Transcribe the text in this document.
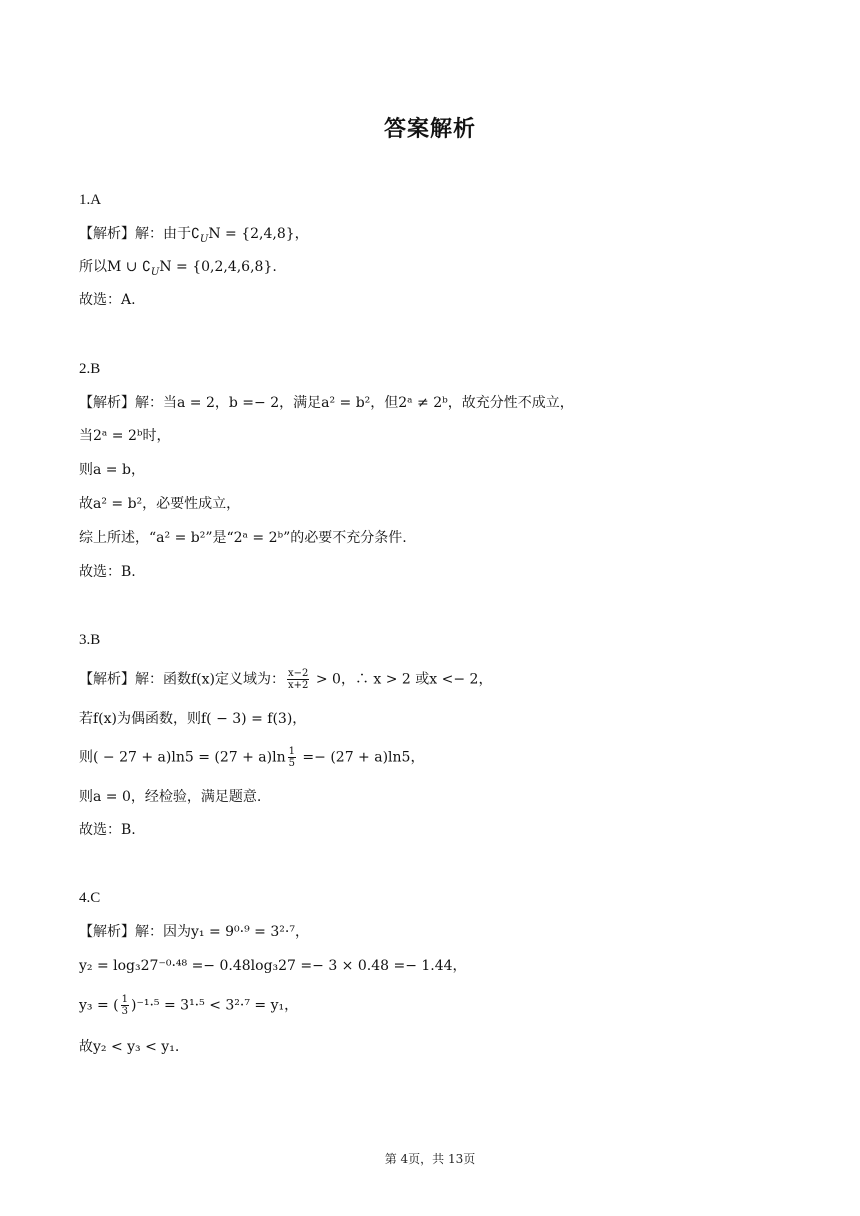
答案解析
1.A
【解析】解：由于$∁_UN = \{2,4,8\}$，
所以M ∪ $∁_UN = \{0,2,4,6,8\}$.
故选：A.
2.B
【解析】解：当a = 2，b =− 2，满足a² = b²，但2ᵃ ≠ 2ᵇ，故充分性不成立，
当2ᵃ = 2ᵇ时，
则a = b，
故a² = b²，必要性成立，
综上所述，“a² = b²”是“2ᵃ = 2ᵇ”的必要不充分条件.
故选：B.
3.B
【解析】解：函数f(x)定义域为： $\frac{x-2}{x+2} > 0$，∴ x > 2 或x <− 2，
若f(x)为偶函数，则f( − 3) = f(3)，
则( − $27 + a)\ln 5 = (27 + a)\ln \frac{1}{5} =- (27 + a)\ln 5$，
则a = 0，经检验，满足题意.
故选：B.
4.C
【解析】解：因为y₁ = 9⁰·⁹ = 3²·⁷，
y₂ = log₃27⁻⁰·⁴⁸ =− 0.48log₃27 =− 3 × 0.48 =− 1.44，
y₃ = ( $\frac{1}{3} )^{-1}\cdot^5 = 3^1\cdot^5 < 3^2\cdot^7 = y_1$，
故y₂ < y₃ < y₁.
第 4页，共 13页
